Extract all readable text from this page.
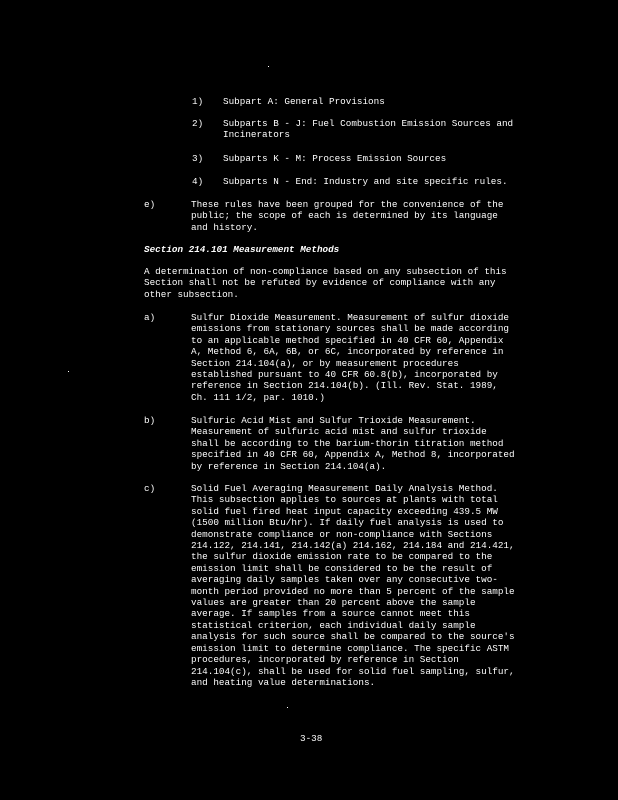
1) Subpart A: General Provisions
2) Subparts B - J: Fuel Combustion Emission Sources and
Incinerators
3) Subparts K - M: Process Emission Sources
4) Subparts N - End: Industry and site specific rules.
e)	These rules have been grouped for the convenience of the
public; the scope of each is determined by its language
and history.
Section 214.101 Measurement Methods
A determination of non-compliance based on any subsection of this
Section shall not be refuted by evidence of compliance with any
other subsection.
a)	Sulfur Dioxide Measurement. Measurement of sulfur dioxide
emissions from stationary sources shall be made according
to an applicable method specified in 40 CFR 60, Appendix
A, Method 6, 6A, 6B, or 6C, incorporated by reference in
Section 214.104(a), or by measurement procedures
established pursuant to 40 CFR 60.8(b), incorporated by
reference in Section 214.104(b). (Ill. Rev. Stat. 1989,
Ch. 111 1/2, par. 1010.)
b)	Sulfuric Acid Mist and Sulfur Trioxide Measurement.
Measurement of sulfuric acid mist and sulfur trioxide
shall be according to the barium-thorin titration method
specified in 40 CFR 60, Appendix A, Method 8, incorporated
by reference in Section 214.104(a).
c)	Solid Fuel Averaging Measurement Daily Analysis Method.
This subsection applies to sources at plants with total
solid fuel fired heat input capacity exceeding 439.5 MW
(1500 million Btu/hr). If daily fuel analysis is used to
demonstrate compliance or non-compliance with Sections
214.122, 214.141, 214.142(a) 214.162, 214.184 and 214.421,
the sulfur dioxide emission rate to be compared to the
emission limit shall be considered to be the result of
averaging daily samples taken over any consecutive two-
month period provided no more than 5 percent of the sample
values are greater than 20 percent above the sample
average. If samples from a source cannot meet this
statistical criterion, each individual daily sample
analysis for such source shall be compared to the source's
emission limit to determine compliance. The specific ASTM
procedures, incorporated by reference in Section
214.104(c), shall be used for solid fuel sampling, sulfur,
and heating value determinations.
3-38
